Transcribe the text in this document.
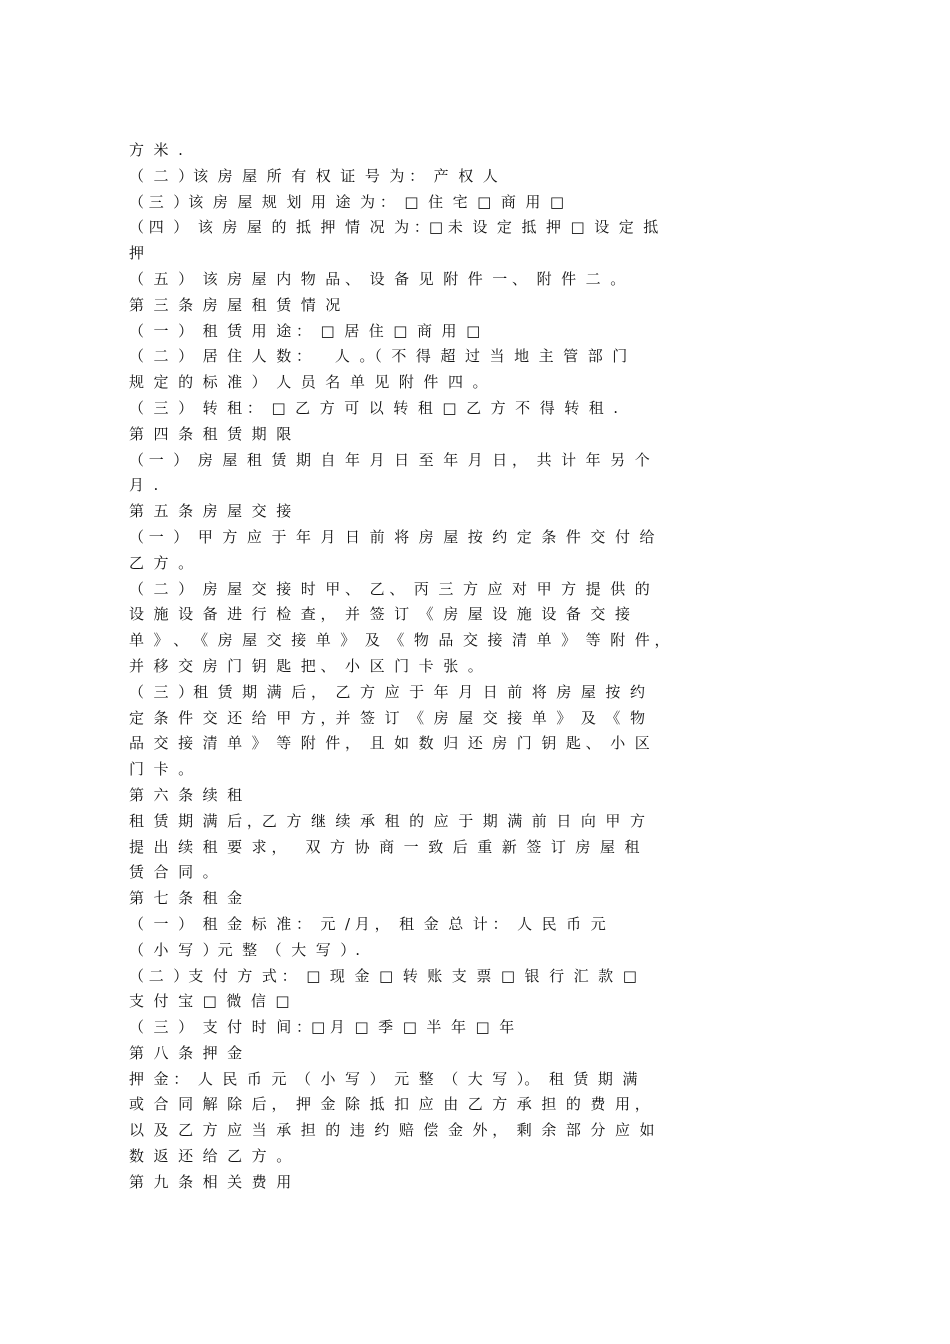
方  米  .
（  二  ）该  房  屋  所  有  权  证  号  为 ：  产  权  人
（ 三  ）该  房  屋  规  划  用  途  为 ：  □  住  宅  □  商  用  □
（ 四  ）  该  房  屋  的  抵  押  情  况  为 ：□ 未  设  定  抵  押  □  设  定  抵
押
（  五  ）  该  房  屋  内  物  品 、  设  备  见  附  件  一 、  附  件  二  。
第  三  条  房  屋  租  赁  情  况
（  一  ）  租  赁  用  途 ：  □  居  住  □  商  用  □
（  二  ）  居  住  人  数 ：     人  。（  不  得  超  过  当  地  主  管  部  门
规  定  的  标  准  ）  人  员  名  单  见  附  件  四  。
（  三  ）  转  租 ：  □  乙  方  可  以  转  租  □  乙  方  不  得  转  租  .
第  四  条  租  赁  期  限
（ 一  ）  房  屋  租  赁  期  自  年  月  日  至  年  月  日 ，  共  计  年  另  个
月  .
第  五  条  房  屋  交  接
（ 一  ）  甲  方  应  于  年  月  日  前  将  房  屋  按  约  定  条  件  交  付  给
乙  方  。
（  二  ）  房  屋  交  接  时  甲 、  乙 、  丙  三  方  应  对  甲  方  提  供  的
设  施  设  备  进  行  检  查 ，  并  签  订  《  房  屋  设  施  设  备  交  接
单  》 、 《  房  屋  交  接  单  》  及  《  物  品  交  接  清  单  》  等  附  件 ，
并  移  交  房  门  钥  匙  把 、  小  区  门  卡  张  。
（  三  ）租  赁  期  满  后 ，  乙  方  应  于  年  月  日  前  将  房  屋  按  约
定  条  件  交  还  给  甲  方 ，并  签  订  《  房  屋  交  接  单  》  及  《  物
品  交  接  清  单  》  等  附  件 ，  且  如  数  归  还  房  门  钥  匙 、  小  区
门  卡  。
第  六  条  续  租
租  赁  期  满  后 ，乙  方  继  续  承  租  的  应  于  期  满  前  日  向  甲  方
提  出  续  租  要  求 ，    双  方  协  商  一  致  后  重  新  签  订  房  屋  租
赁  合  同  。
第  七  条  租  金
（  一  ）  租  金  标  准 ：  元  / 月 ，  租  金  总  计 ：  人  民  币  元
（  小  写  ）元  整  （  大  写  ）.
（ 二  ）支  付  方  式 ：  □  现  金  □  转  账  支  票  □  银  行  汇  款  □
支  付  宝  □  微  信  □
（  三  ）  支  付  时  间 ：□ 月  □  季  □  半  年  □  年
第  八  条  押  金
押  金 ：  人  民  币  元  （  小  写  ）  元  整  （  大  写  ）。  租  赁  期  满
或  合  同  解  除  后 ，  押  金  除  抵  扣  应  由  乙  方  承  担  的  费  用 ，
以  及  乙  方  应  当  承  担  的  违  约  赔  偿  金  外 ，  剩  余  部  分  应  如
数  返  还  给  乙  方  。
第  九  条  相  关  费  用
